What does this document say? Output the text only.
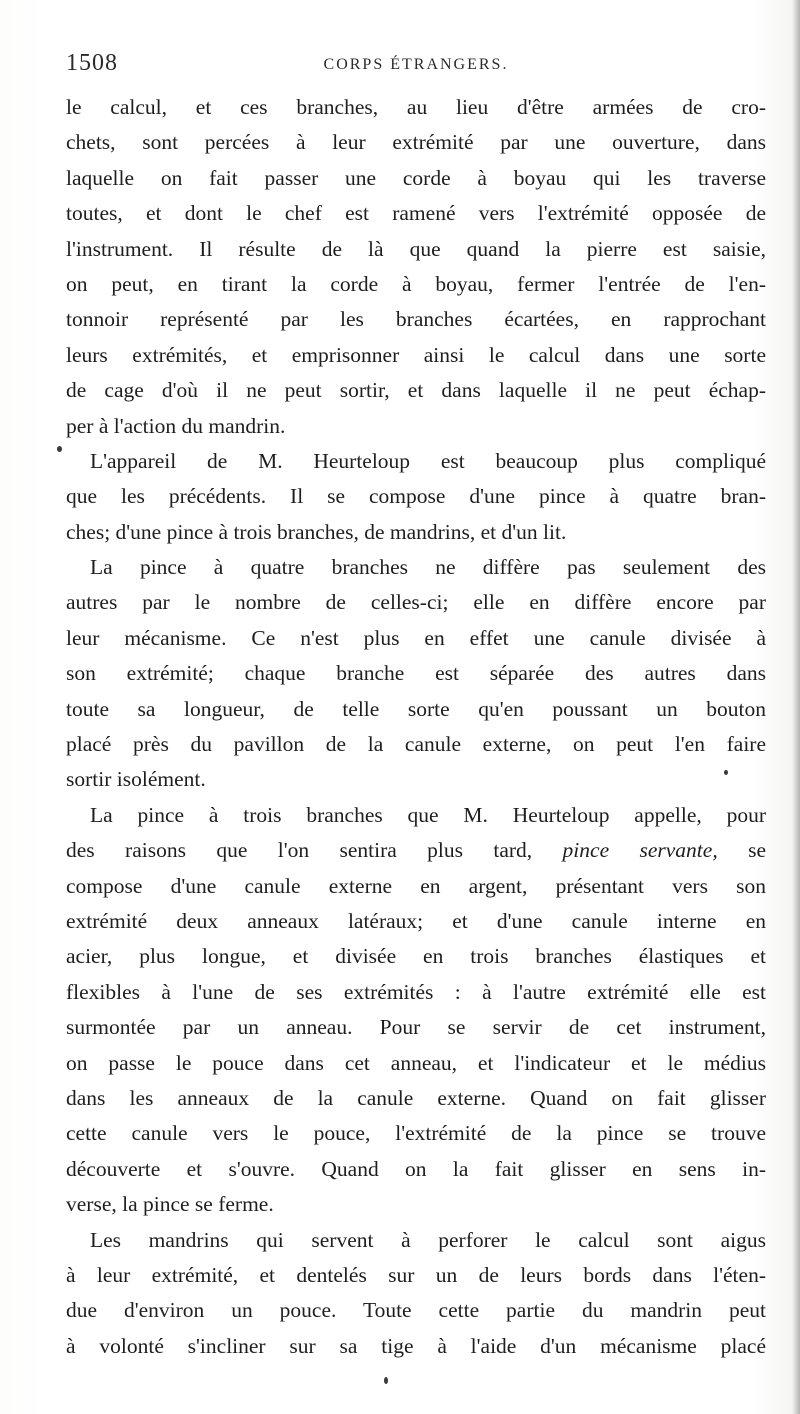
1508	CORPS ÉTRANGERS.
le calcul, et ces branches, au lieu d'être armées de cro-
chets, sont percées à leur extrémité par une ouverture, dans
laquelle on fait passer une corde à boyau qui les traverse
toutes, et dont le chef est ramené vers l'extrémité opposée de
l'instrument. Il résulte de là que quand la pierre est saisie,
on peut, en tirant la corde à boyau, fermer l'entrée de l'en-
tonnoir représenté par les branches écartées, en rapprochant
leurs extrémités, et emprisonner ainsi le calcul dans une sorte
de cage d'où il ne peut sortir, et dans laquelle il ne peut échap-
per à l'action du mandrin.
L'appareil de M. Heurteloup est beaucoup plus compliqué
que les précédents. Il se compose d'une pince à quatre bran-
ches; d'une pince à trois branches, de mandrins, et d'un lit.
La pince à quatre branches ne diffère pas seulement des
autres par le nombre de celles-ci; elle en diffère encore par
leur mécanisme. Ce n'est plus en effet une canule divisée à
son extrémité; chaque branche est séparée des autres dans
toute sa longueur, de telle sorte qu'en poussant un bouton
placé près du pavillon de la canule externe, on peut l'en faire
sortir isolément.
La pince à trois branches que M. Heurteloup appelle, pour
des raisons que l'on sentira plus tard, pince servante, se
compose d'une canule externe en argent, présentant vers son
extrémité deux anneaux latéraux; et d'une canule interne en
acier, plus longue, et divisée en trois branches élastiques et
flexibles à l'une de ses extrémités : à l'autre extrémité elle est
surmontée par un anneau. Pour se servir de cet instrument,
on passe le pouce dans cet anneau, et l'indicateur et le médius
dans les anneaux de la canule externe. Quand on fait glisser
cette canule vers le pouce, l'extrémité de la pince se trouve
découverte et s'ouvre. Quand on la fait glisser en sens in-
verse, la pince se ferme.
Les mandrins qui servent à perforer le calcul sont aigus
à leur extrémité, et dentelés sur un de leurs bords dans l'éten-
due d'environ un pouce. Toute cette partie du mandrin peut
à volonté s'incliner sur sa tige à l'aide d'un mécanisme placé
